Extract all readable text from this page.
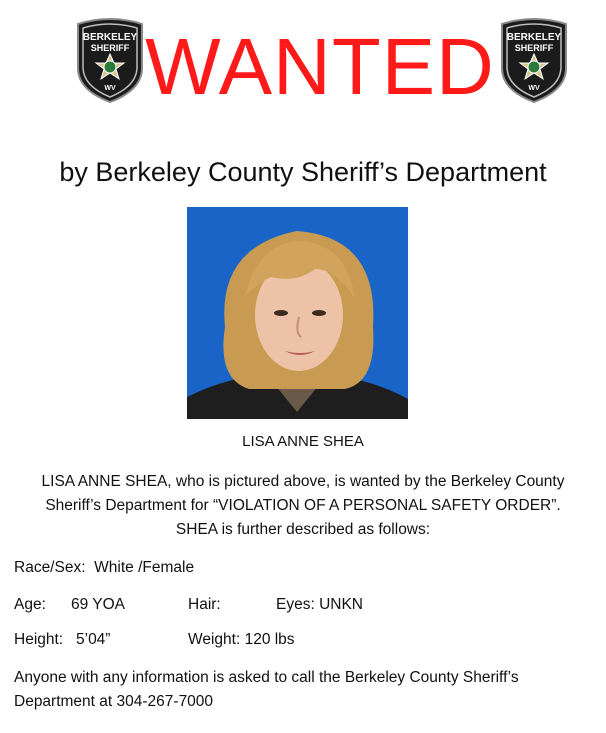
BERKELEY
SHERIFF
WV WANTED	BERKELEY
SHERIFF
WV
by Berkeley County Sheriff’s Department
LISA ANNE SHEA
LISA ANNE SHEA, who is pictured above, is wanted by the Berkeley County
Sheriff’s Department for “VIOLATION OF A PERSONAL SAFETY ORDER”.
SHEA is further described as follows:
Race/Sex: White /Female
Age: 69 YOA	Hair:	Eyes: UNKN
Height: 5’04”	Weight: 120 lbs
Anyone with any information is asked to call the Berkeley County Sheriff’s
Department at 304-267-7000
